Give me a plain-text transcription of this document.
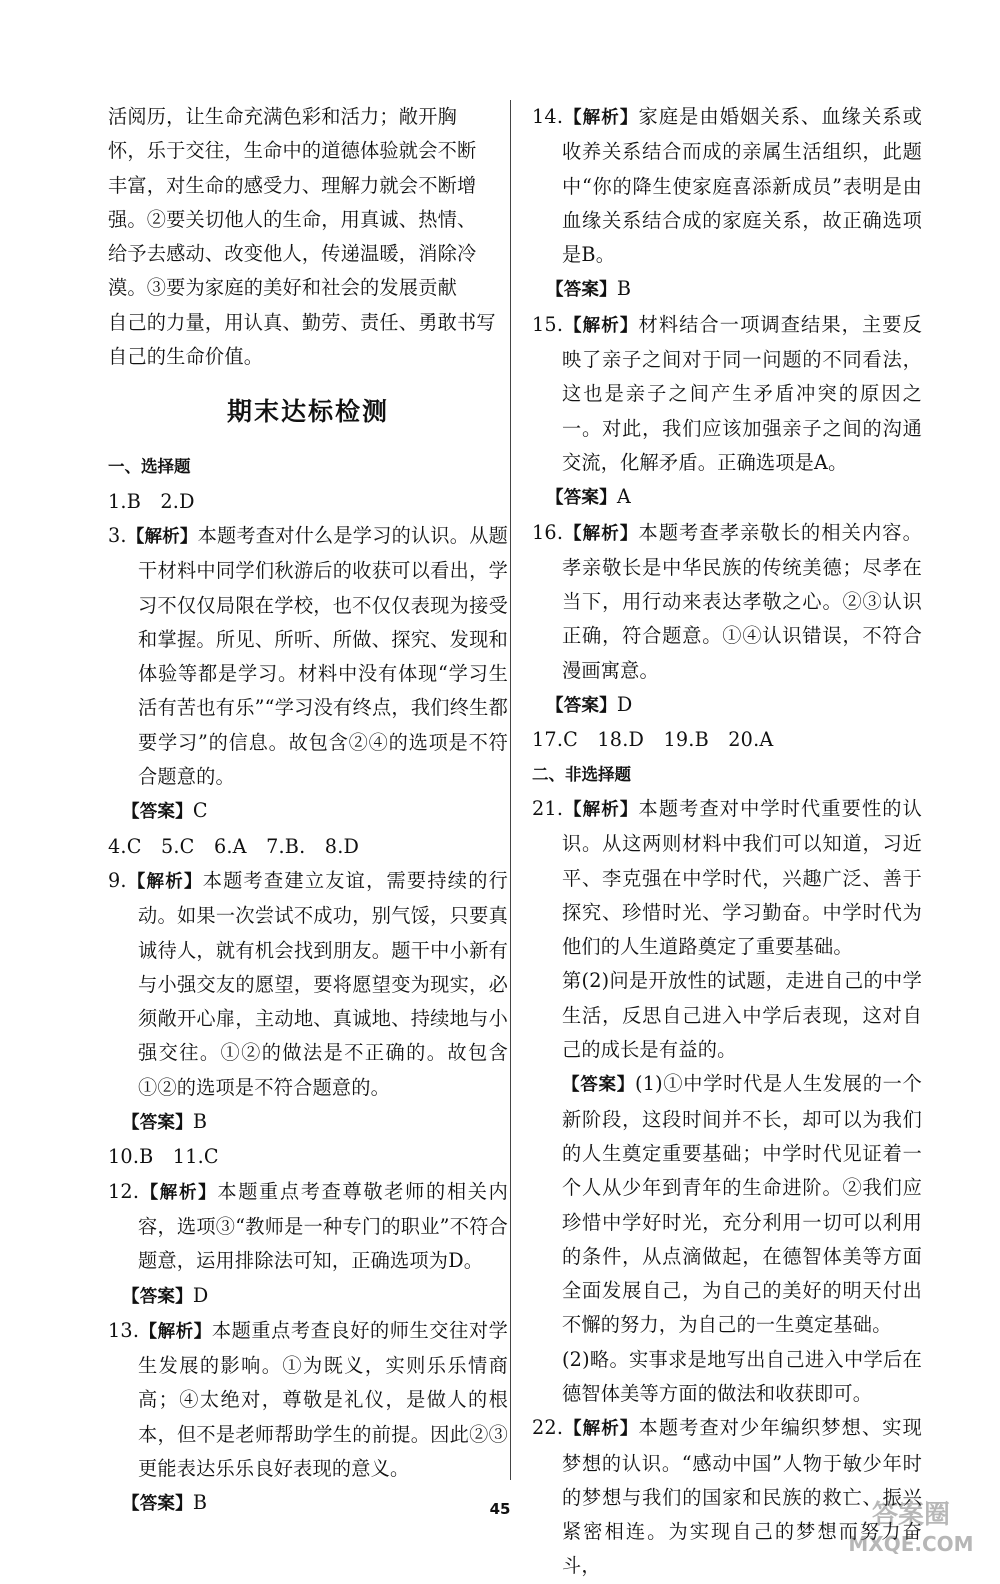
活阅历，让生命充满色彩和活力；敞开胸

怀，乐于交往，生命中的道德体验就会不断

丰富，对生命的感受力、理解力就会不断增

强。②要关切他人的生命，用真诚、热情、

给予去感动、改变他人，传递温暖，消除冷

漠。③要为家庭的美好和社会的发展贡献

自己的力量，用认真、勤劳、责任、勇敢书写

自己的生命价值。

期末达标检测

一、选择题

1.B　2.D

3.【解析】本题考查对什么是学习的认识。从题干材料中同学们秋游后的收获可以看出，学习不仅仅局限在学校，也不仅仅表现为接受和掌握。所见、所听、所做、探究、发现和体验等都是学习。材料中没有体现“学习生活有苦也有乐”“学习没有终点，我们终生都要学习”的信息。故包含②④的选项是不符合题意的。

【答案】C

4.C　5.C　6.A　7.B.　8.D

9.【解析】本题考查建立友谊，需要持续的行动。如果一次尝试不成功，别气馁，只要真诚待人，就有机会找到朋友。题干中小新有与小强交友的愿望，要将愿望变为现实，必须敞开心扉，主动地、真诚地、持续地与小强交往。①②的做法是不正确的。故包含①②的选项是不符合题意的。

【答案】B

10.B　11.C

12.【解析】本题重点考查尊敬老师的相关内容，选项③“教师是一种专门的职业”不符合题意，运用排除法可知，正确选项为D。

【答案】D

13.【解析】本题重点考查良好的师生交往对学生发展的影响。①为既义，实则乐乐情商高；④太绝对，尊敬是礼仪，是做人的根本，但不是老师帮助学生的前提。因此②③更能表达乐乐良好表现的意义。

【答案】B

14.【解析】家庭是由婚姻关系、血缘关系或收养关系结合而成的亲属生活组织，此题中“你的降生使家庭喜添新成员”表明是由血缘关系结合成的家庭关系，故正确选项是B。

【答案】B

15.【解析】材料结合一项调查结果，主要反映了亲子之间对于同一问题的不同看法，这也是亲子之间产生矛盾冲突的原因之一。对此，我们应该加强亲子之间的沟通交流，化解矛盾。正确选项是A。

【答案】A

16.【解析】本题考查孝亲敬长的相关内容。孝亲敬长是中华民族的传统美德；尽孝在当下，用行动来表达孝敬之心。②③认识正确，符合题意。①④认识错误，不符合漫画寓意。

【答案】D

17.C　18.D　19.B　20.A

二、非选择题

21.【解析】本题考查对中学时代重要性的认识。从这两则材料中我们可以知道，习近平、李克强在中学时代，兴趣广泛、善于探究、珍惜时光、学习勤奋。中学时代为他们的人生道路奠定了重要基础。

第(2)问是开放性的试题，走进自己的中学生活，反思自己进入中学后表现，这对自己的成长是有益的。

【答案】(1)①中学时代是人生发展的一个新阶段，这段时间并不长，却可以为我们的人生奠定重要基础；中学时代见证着一个人从少年到青年的生命进阶。②我们应珍惜中学好时光，充分利用一切可以利用的条件，从点滴做起，在德智体美等方面全面发展自己，为自己的美好的明天付出不懈的努力，为自己的一生奠定基础。

(2)略。实事求是地写出自己进入中学后在德智体美等方面的做法和收获即可。

22.【解析】本题考查对少年编织梦想、实现梦想的认识。“感动中国”人物于敏少年时的梦想与我们的国家和民族的救亡、振兴紧密相连。为实现自己的梦想而努力奋斗，

45	答案圈
MXQE.COM
